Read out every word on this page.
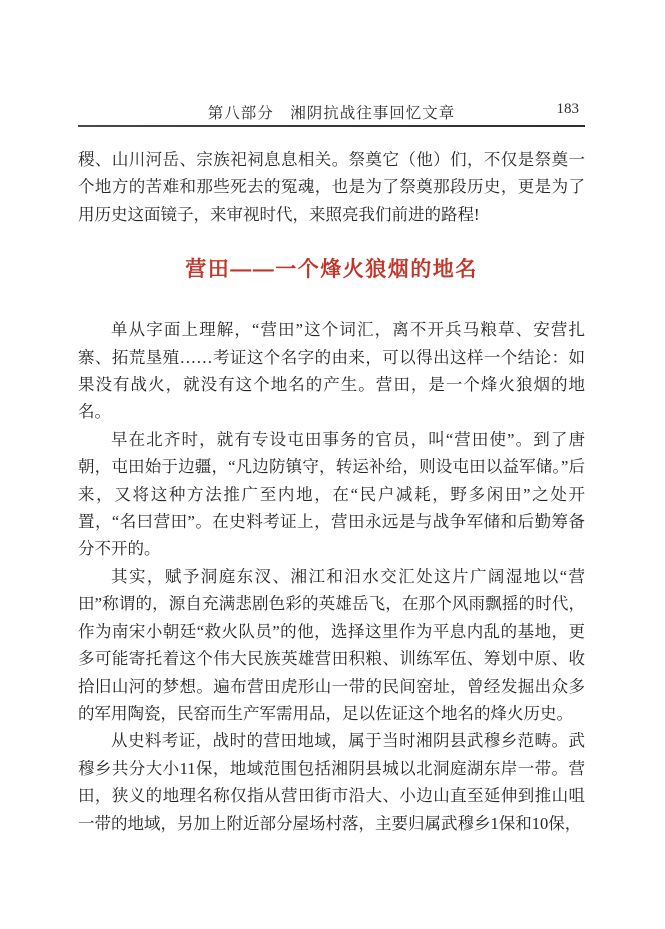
第八部分　湘阴抗战往事回忆文章	183

稷、山川河岳、宗族祀祠息息相关。祭奠它（他）们，不仅是祭奠一个地方的苦难和那些死去的冤魂，也是为了祭奠那段历史，更是为了用历史这面镜子，来审视时代，来照亮我们前进的路程!

营田——一个烽火狼烟的地名

单从字面上理解，“营田”这个词汇，离不开兵马粮草、安营扎寨、拓荒垦殖……考证这个名字的由来，可以得出这样一个结论：如果没有战火，就没有这个地名的产生。营田，是一个烽火狼烟的地名。

早在北齐时，就有专设屯田事务的官员，叫“营田使”。到了唐朝，屯田始于边疆，“凡边防镇守，转运补给，则设屯田以益军储。”后来，又将这种方法推广至内地，在“民户减耗，野多闲田”之处开置，“名曰营田”。在史料考证上，营田永远是与战争军储和后勤筹备分不开的。

其实，赋予洞庭东汊、湘江和汨水交汇处这片广阔湿地以“营田”称谓的，源自充满悲剧色彩的英雄岳飞，在那个风雨飘摇的时代，作为南宋小朝廷“救火队员”的他，选择这里作为平息内乱的基地，更多可能寄托着这个伟大民族英雄营田积粮、训练军伍、筹划中原、收拾旧山河的梦想。遍布营田虎形山一带的民间窑址，曾经发掘出众多的军用陶瓷，民窑而生产军需用品，足以佐证这个地名的烽火历史。

从史料考证，战时的营田地域，属于当时湘阴县武穆乡范畴。武穆乡共分大小11保，地域范围包括湘阴县城以北洞庭湖东岸一带。营田，狭义的地理名称仅指从营田街市沿大、小边山直至延伸到推山咀一带的地域，另加上附近部分屋场村落，主要归属武穆乡1保和10保，
